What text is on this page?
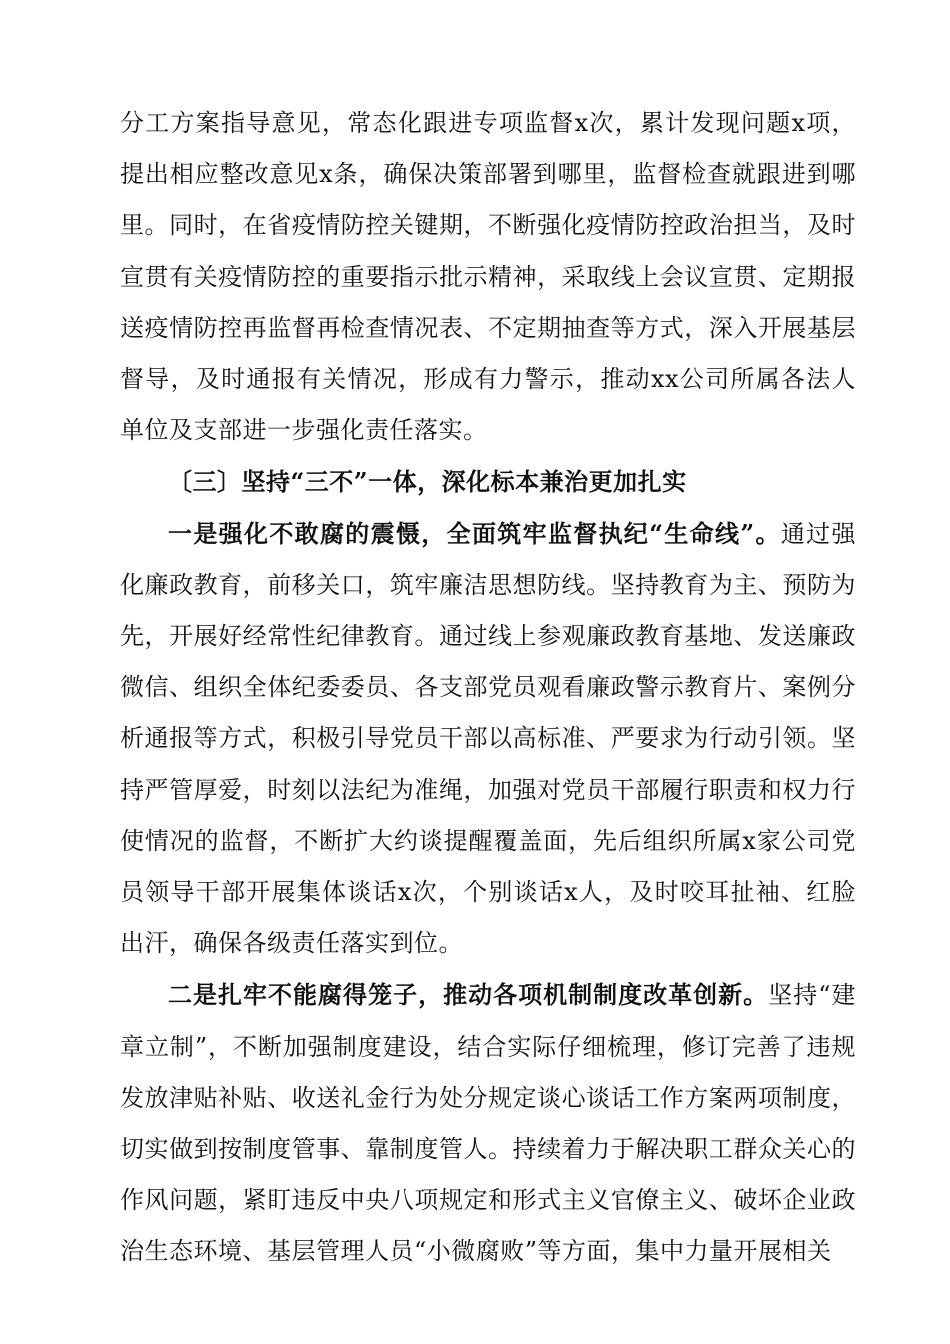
分工方案指导意见，常态化跟进专项监督x次，累计发现问题x项，提出相应整改意见x条，确保决策部署到哪里，监督检查就跟进到哪里。同时，在省疫情防控关键期，不断强化疫情防控政治担当，及时宣贯有关疫情防控的重要指示批示精神，采取线上会议宣贯、定期报送疫情防控再监督再检查情况表、不定期抽查等方式，深入开展基层督导，及时通报有关情况，形成有力警示，推动xx公司所属各法人单位及支部进一步强化责任落实。

〔三〕坚持“三不”一体，深化标本兼治更加扎实

一是强化不敢腐的震慑，全面筑牢监督执纪“生命线”。通过强化廉政教育，前移关口，筑牢廉洁思想防线。坚持教育为主、预防为先，开展好经常性纪律教育。通过线上参观廉政教育基地、发送廉政微信、组织全体纪委委员、各支部党员观看廉政警示教育片、案例分析通报等方式，积极引导党员干部以高标准、严要求为行动引领。坚持严管厚爱，时刻以法纪为准绳，加强对党员干部履行职责和权力行使情况的监督，不断扩大约谈提醒覆盖面，先后组织所属x家公司党员领导干部开展集体谈话x次，个别谈话x人，及时咬耳扯袖、红脸出汗，确保各级责任落实到位。

二是扎牢不能腐得笼子，推动各项机制制度改革创新。坚持“建章立制”，不断加强制度建设，结合实际仔细梳理，修订完善了违规发放津贴补贴、收送礼金行为处分规定谈心谈话工作方案两项制度，切实做到按制度管事、靠制度管人。持续着力于解决职工群众关心的作风问题，紧盯违反中央八项规定和形式主义官僚主义、破坏企业政治生态环境、基层管理人员“小微腐败”等方面，集中力量开展相关
